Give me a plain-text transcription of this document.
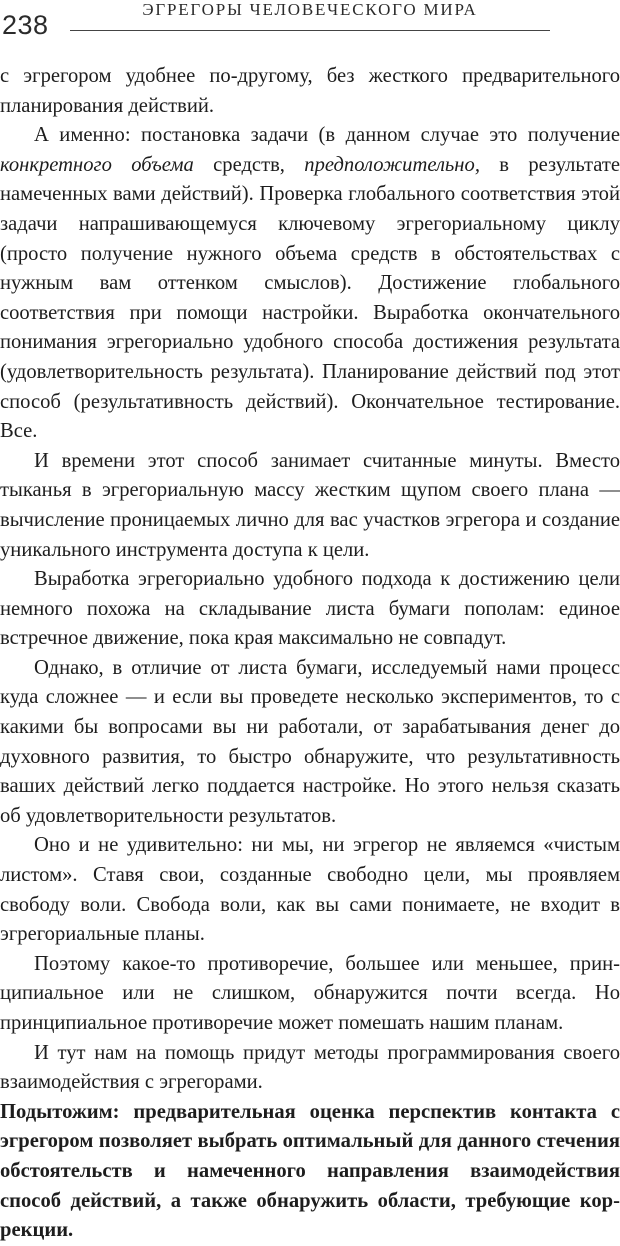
238
ЭГРЕГОРЫ ЧЕЛОВЕЧЕСКОГО МИРА

с эгрегором удобнее по-другому, без жесткого предварительного планирования действий.

А именно: постановка задачи (в данном случае это получение конкретного объема средств, предположительно, в результате намеченных вами действий). Проверка глобального соответствия этой задачи напрашивающемуся ключевому эгрегориальному циклу (просто получение нужного объема средств в обстоятельствах с нужным вам оттенком смыслов). Достижение глобального соответствия при помощи настройки. Выработка окончательного понимания эгрегориально удобного способа достижения результата (удовлетворительность результата). Планирование действий под этот способ (результативность действий). Окончательное тестирование. Все.

И времени этот способ занимает считанные минуты. Вместо тыканья в эгрегориальную массу жестким щупом своего плана — вычисление проницаемых лично для вас участков эгрегора и создание уникального инструмента доступа к цели.

Выработка эгрегориально удобного подхода к достижению цели немного похожа на складывание листа бумаги пополам: единое встречное движение, пока края максимально не совпадут.

Однако, в отличие от листа бумаги, исследуемый нами процесс куда сложнее — и если вы проведете несколько экспериментов, то с какими бы вопросами вы ни работали, от зарабатывания денег до духовного развития, то быстро обнаружите, что результативность ваших действий легко поддается настройке. Но этого нельзя сказать об удовлетворительности результатов.

Оно и не удивительно: ни мы, ни эгрегор не являемся «чистым листом». Ставя свои, созданные свободно цели, мы проявляем свободу воли. Свобода воли, как вы сами понимаете, не входит в эгрегориальные планы.

Поэтому какое-то противоречие, большее или меньшее, принципиальное или не слишком, обнаружится почти всегда. Но принципиальное противоречие может помешать нашим планам.

И тут нам на помощь придут методы программирования своего взаимодействия с эгрегорами.

Подытожим: предварительная оценка перспектив контакта с эгрегором позволяет выбрать оптимальный для данного стечения обстоятельств и намеченного направления взаимодействия способ действий, а также обнаружить области, требующие коррекции.
